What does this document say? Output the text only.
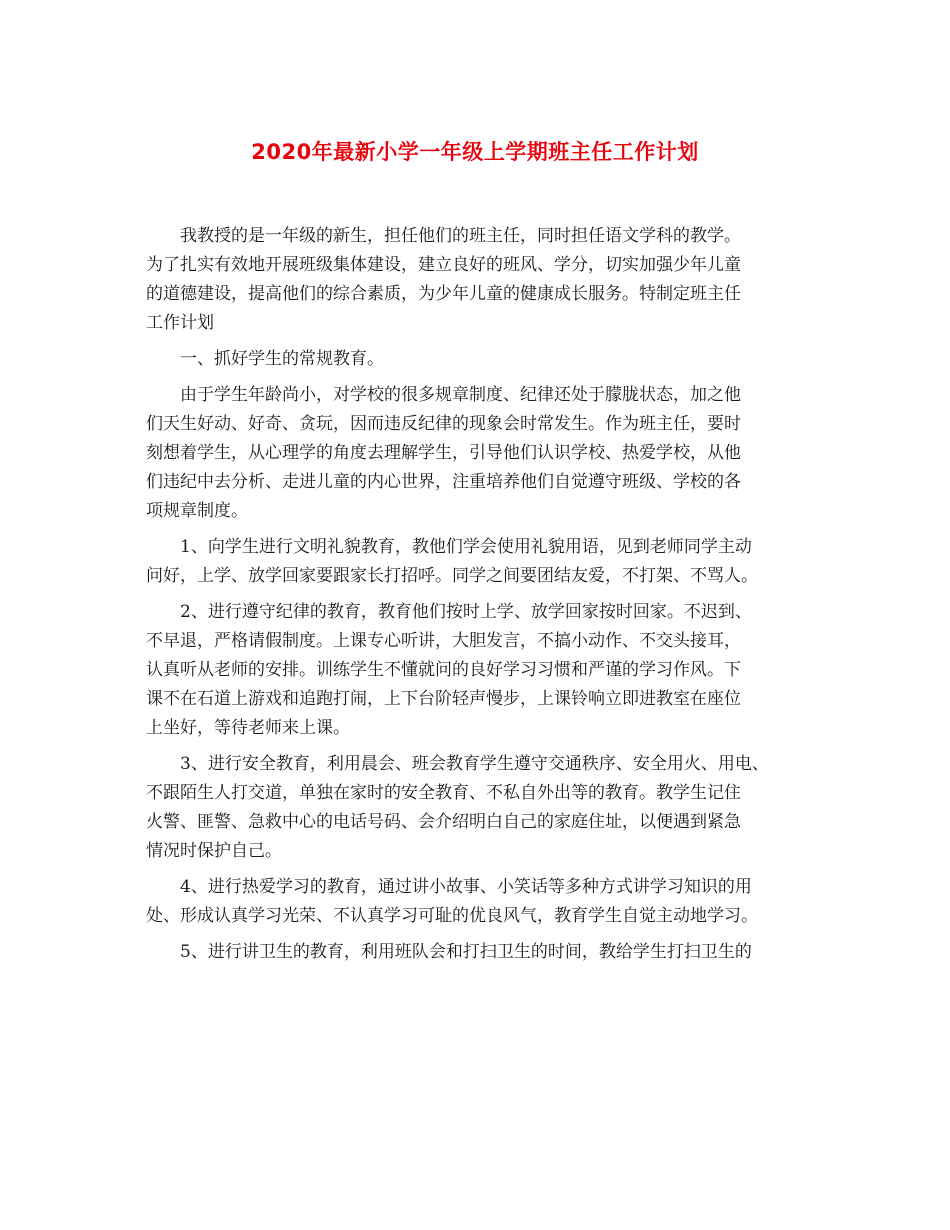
2020年最新小学一年级上学期班主任工作计划
我教授的是一年级的新生，担任他们的班主任，同时担任语文学科的教学。
为了扎实有效地开展班级集体建设，建立良好的班风、学分，切实加强少年儿童
的道德建设，提高他们的综合素质，为少年儿童的健康成长服务。特制定班主任
工作计划
一、抓好学生的常规教育。
由于学生年龄尚小，对学校的很多规章制度、纪律还处于朦胧状态，加之他
们天生好动、好奇、贪玩，因而违反纪律的现象会时常发生。作为班主任，要时
刻想着学生，从心理学的角度去理解学生，引导他们认识学校、热爱学校，从他
们违纪中去分析、走进儿童的内心世界，注重培养他们自觉遵守班级、学校的各
项规章制度。
1、向学生进行文明礼貌教育，教他们学会使用礼貌用语，见到老师同学主动
问好，上学、放学回家要跟家长打招呼。同学之间要团结友爱，不打架、不骂人。
2、进行遵守纪律的教育，教育他们按时上学、放学回家按时回家。不迟到、
不早退，严格请假制度。上课专心听讲，大胆发言，不搞小动作、不交头接耳，
认真听从老师的安排。训练学生不懂就问的良好学习习惯和严谨的学习作风。下
课不在石道上游戏和追跑打闹，上下台阶轻声慢步，上课铃响立即进教室在座位
上坐好，等待老师来上课。
3、进行安全教育，利用晨会、班会教育学生遵守交通秩序、安全用火、用电、
不跟陌生人打交道，单独在家时的安全教育、不私自外出等的教育。教学生记住
火警、匪警、急救中心的电话号码、会介绍明白自己的家庭住址，以便遇到紧急
情况时保护自己。
4、进行热爱学习的教育，通过讲小故事、小笑话等多种方式讲学习知识的用
处、形成认真学习光荣、不认真学习可耻的优良风气，教育学生自觉主动地学习。
5、进行讲卫生的教育，利用班队会和打扫卫生的时间，教给学生打扫卫生的
